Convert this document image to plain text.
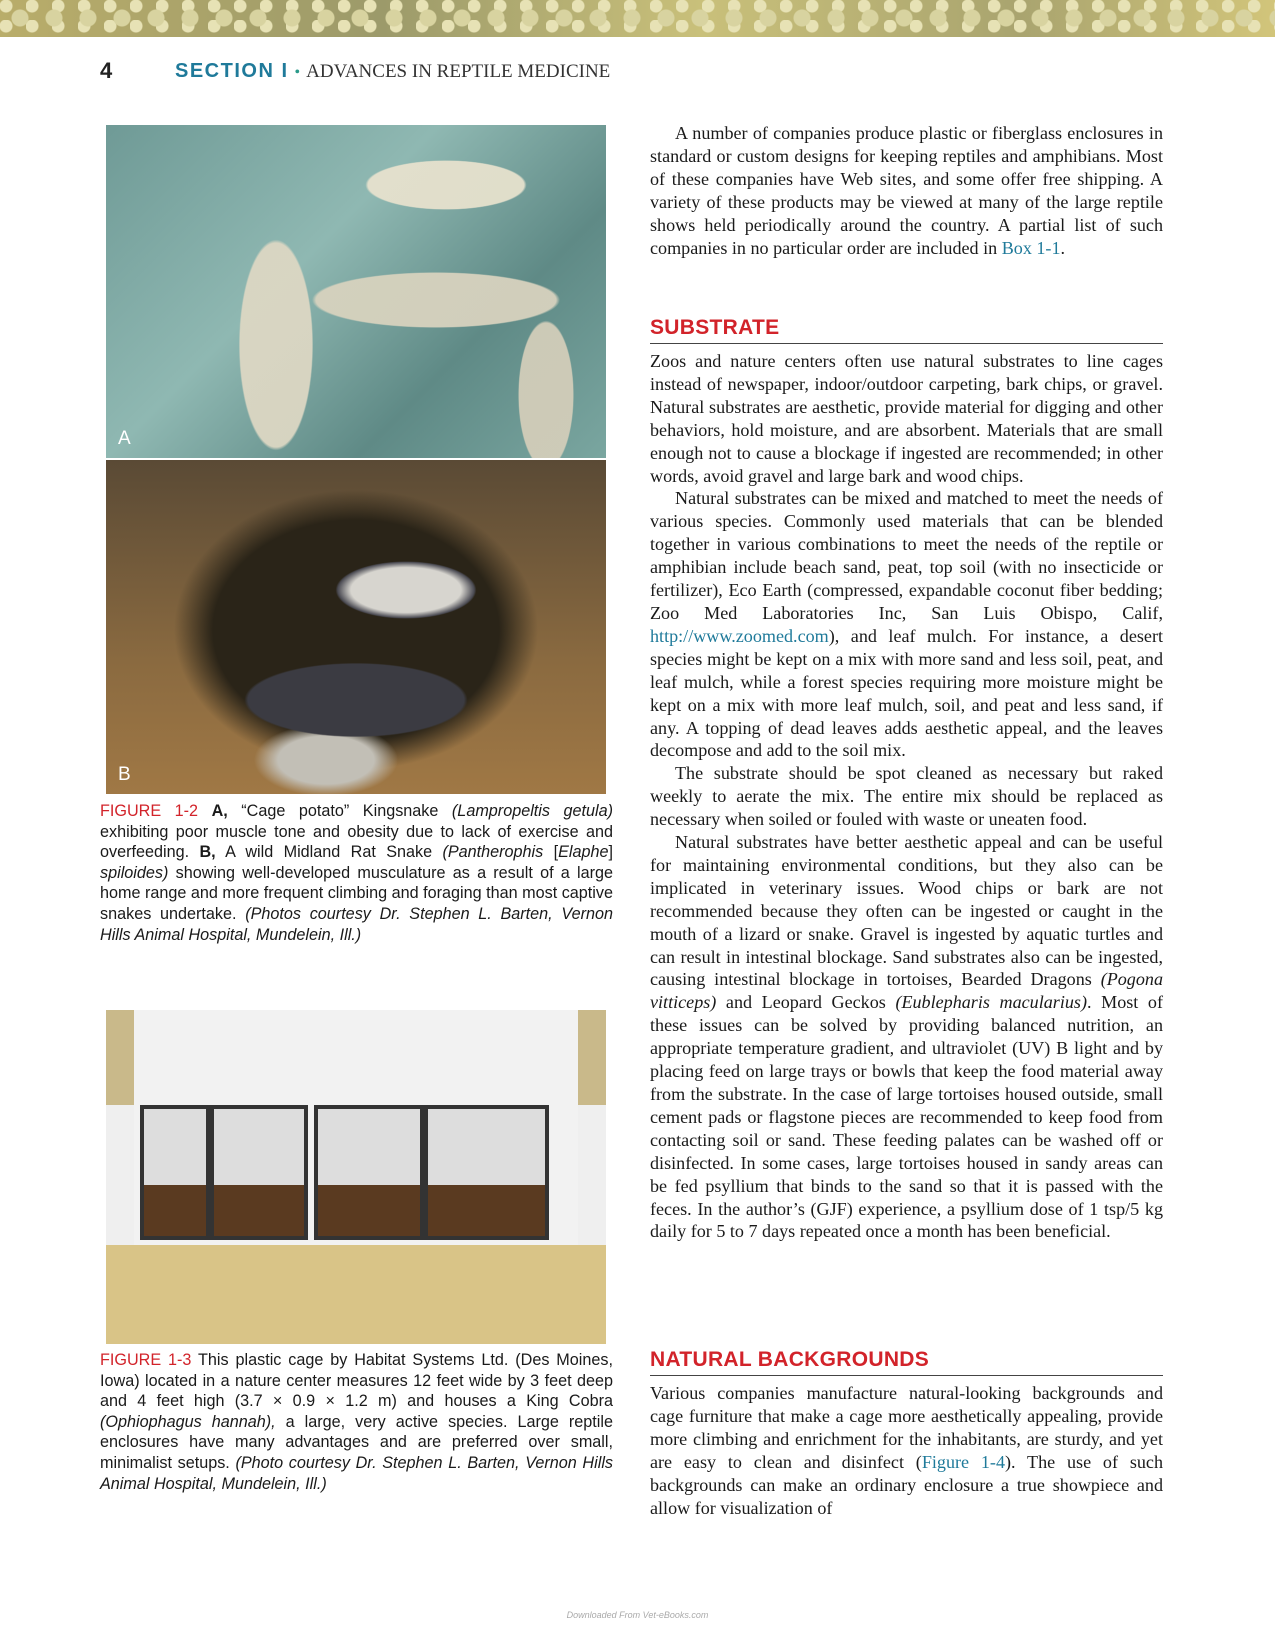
4	SECTION I • ADVANCES IN REPTILE MEDICINE
A
B
FIGURE 1-2 A, “Cage potato” Kingsnake (Lampropeltis getula) exhibiting poor muscle tone and obesity due to lack of exercise and overfeeding. B, A wild Midland Rat Snake (Pantherophis [Elaphe] spiloides) showing well-developed musculature as a result of a large home range and more frequent climbing and foraging than most captive snakes undertake. (Photos courtesy Dr. Stephen L. Barten, Vernon Hills Animal Hospital, Mundelein, Ill.)
FIGURE 1-3 This plastic cage by Habitat Systems Ltd. (Des Moines, Iowa) located in a nature center measures 12 feet wide by 3 feet deep and 4 feet high (3.7 × 0.9 × 1.2 m) and houses a King Cobra (Ophiophagus hannah), a large, very active species. Large reptile enclosures have many advantages and are preferred over small, minimalist setups. (Photo courtesy Dr. Stephen L. Barten, Vernon Hills Animal Hospital, Mundelein, Ill.)

A number of companies produce plastic or fiberglass enclosures in standard or custom designs for keeping reptiles and amphibians. Most of these companies have Web sites, and some offer free shipping. A variety of these products may be viewed at many of the large reptile shows held periodically around the country. A partial list of such companies in no particular order are included in Box 1-1.

SUBSTRATE

Zoos and nature centers often use natural substrates to line cages instead of newspaper, indoor/outdoor carpeting, bark chips, or gravel. Natural substrates are aesthetic, provide material for digging and other behaviors, hold moisture, and are absorbent. Materials that are small enough not to cause a blockage if ingested are recommended; in other words, avoid gravel and large bark and wood chips.

Natural substrates can be mixed and matched to meet the needs of various species. Commonly used materials that can be blended together in various combinations to meet the needs of the reptile or amphibian include beach sand, peat, top soil (with no insecticide or fertilizer), Eco Earth (compressed, expandable coconut fiber bedding; Zoo Med Laboratories Inc, San Luis Obispo, Calif, http://www.zoomed.com), and leaf mulch. For instance, a desert species might be kept on a mix with more sand and less soil, peat, and leaf mulch, while a forest species requiring more moisture might be kept on a mix with more leaf mulch, soil, and peat and less sand, if any. A topping of dead leaves adds aesthetic appeal, and the leaves decompose and add to the soil mix.

The substrate should be spot cleaned as necessary but raked weekly to aerate the mix. The entire mix should be replaced as necessary when soiled or fouled with waste or uneaten food.

Natural substrates have better aesthetic appeal and can be useful for maintaining environmental conditions, but they also can be implicated in veterinary issues. Wood chips or bark are not recommended because they often can be ingested or caught in the mouth of a lizard or snake. Gravel is ingested by aquatic turtles and can result in intestinal blockage. Sand substrates also can be ingested, causing intestinal blockage in tortoises, Bearded Dragons (Pogona vitticeps) and Leopard Geckos (Eublepharis macularius). Most of these issues can be solved by providing balanced nutrition, an appropriate temperature gradient, and ultraviolet (UV) B light and by placing feed on large trays or bowls that keep the food material away from the substrate. In the case of large tortoises housed outside, small cement pads or flagstone pieces are recommended to keep food from contacting soil or sand. These feeding palates can be washed off or disinfected. In some cases, large tortoises housed in sandy areas can be fed psyllium that binds to the sand so that it is passed with the feces. In the author’s (GJF) experience, a psyllium dose of 1 tsp/5 kg daily for 5 to 7 days repeated once a month has been beneficial.

NATURAL BACKGROUNDS

Various companies manufacture natural-looking backgrounds and cage furniture that make a cage more aesthetically appealing, provide more climbing and enrichment for the inhabitants, are sturdy, and yet are easy to clean and disinfect (Figure 1-4). The use of such backgrounds can make an ordinary enclosure a true showpiece and allow for visualization of

Downloaded From Vet-eBooks.com
